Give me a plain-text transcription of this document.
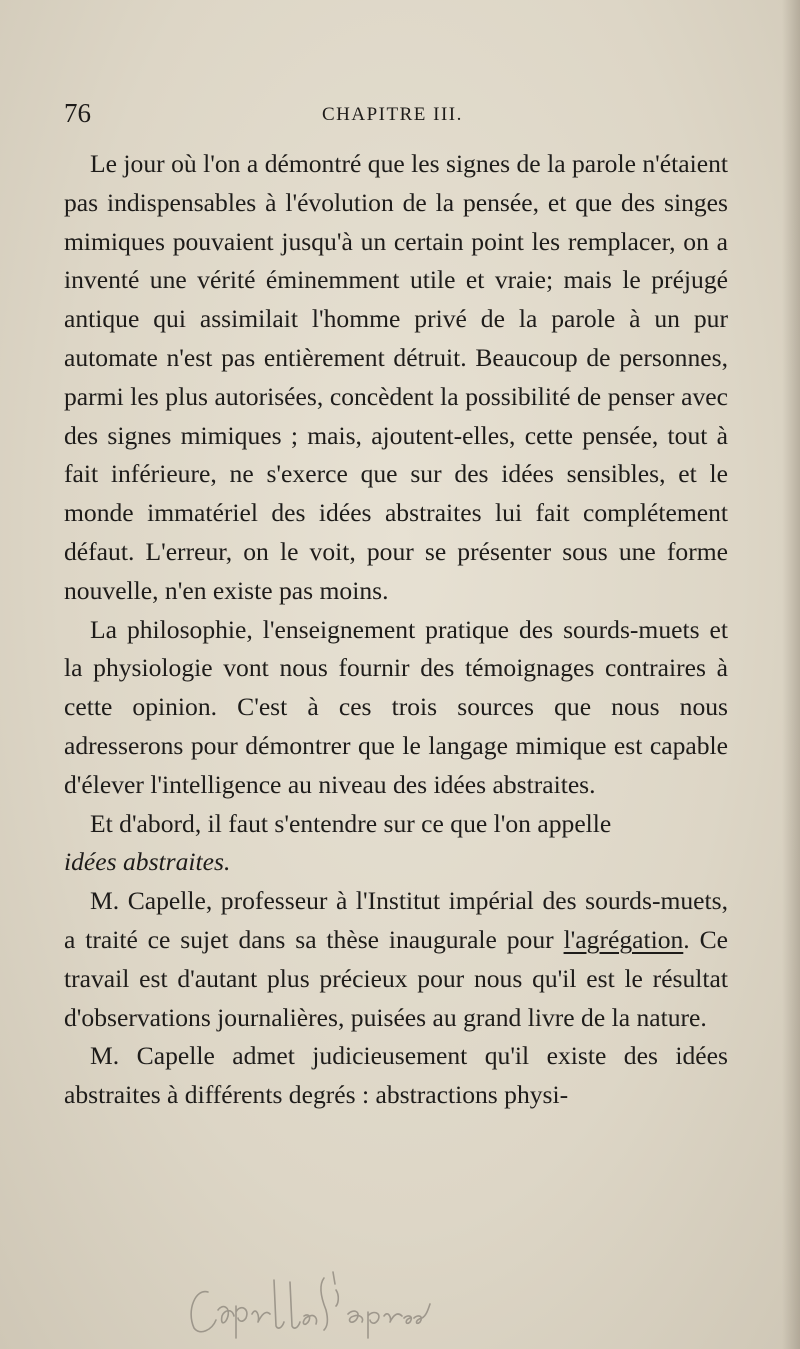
76	CHAPITRE III.

Le jour où l'on a démontré que les signes de la parole n'étaient pas indispensables à l'évolution de la pensée, et que des singes mimiques pouvaient jusqu'à un certain point les remplacer, on a inventé une vérité éminemment utile et vraie; mais le préjugé antique qui assimilait l'homme privé de la parole à un pur automate n'est pas entièrement détruit. Beaucoup de personnes, parmi les plus autorisées, concèdent la possibilité de penser avec des signes mimiques ; mais, ajoutent-elles, cette pensée, tout à fait inférieure, ne s'exerce que sur des idées sensibles, et le monde immatériel des idées abstraites lui fait complétement défaut. L'erreur, on le voit, pour se présenter sous une forme nouvelle, n'en existe pas moins.

La philosophie, l'enseignement pratique des sourds-muets et la physiologie vont nous fournir des témoignages contraires à cette opinion. C'est à ces trois sources que nous nous adresserons pour démontrer que le langage mimique est capable d'élever l'intelligence au niveau des idées abstraites.

Et d'abord, il faut s'entendre sur ce que l'on appelle

idées abstraites.

M. Capelle, professeur à l'Institut impérial des sourds-muets, a traité ce sujet dans sa thèse inaugurale pour l'agrégation. Ce travail est d'autant plus précieux pour nous qu'il est le résultat d'observations journalières, puisées au grand livre de la nature.

M. Capelle admet judicieusement qu'il existe des idées abstraites à différents degrés : abstractions physi-
